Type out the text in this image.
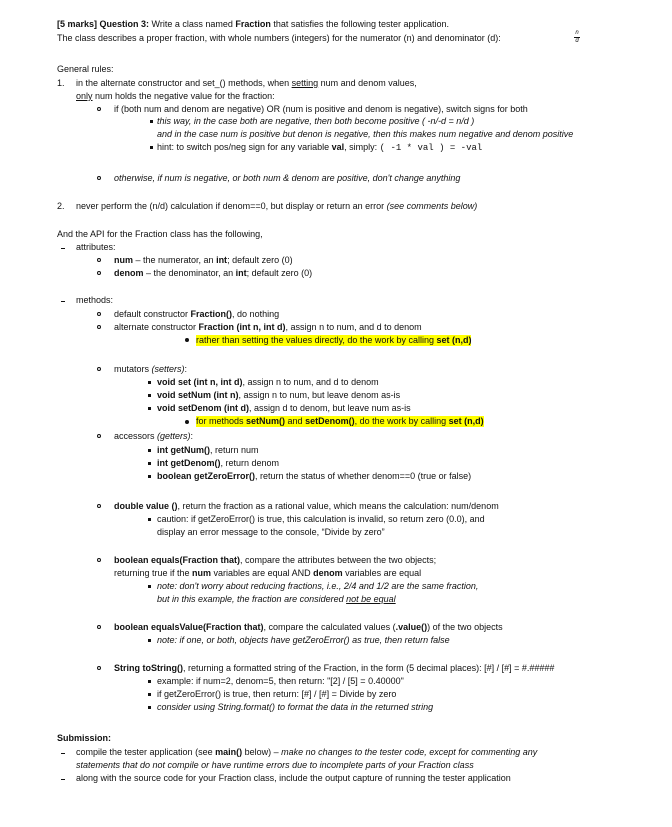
[5 marks] Question 3: Write a class named Fraction that satisfies the following tester application.
The class describes a proper fraction, with whole numbers (integers) for the numerator (n) and denominator (d):	n
d
General rules:
1. in the alternate constructor and set_() methods, when setting num and denom values,
only num holds the negative value for the fraction:
if (both num and denom are negative) OR (num is positive and denom is negative), switch signs for both
this way, in the case both are negative, then both become positive ( -n/-d = n/d )
and in the case num is positive but denon is negative, then this makes num negative and denom positive
hint: to switch pos/neg sign for any variable val, simply: ( -1 * val ) = -val
otherwise, if num is negative, or both num & denom are positive, don't change anything
2. never perform the (n/d) calculation if denom==0, but display or return an error (see comments below)
And the API for the Fraction class has the following,
attributes:
num – the numerator, an int; default zero (0)
denom – the denominator, an int; default zero (0)
methods:
default constructor Fraction(), do nothing
alternate constructor Fraction (int n, int d), assign n to num, and d to denom
rather than setting the values directly, do the work by calling set (n,d)
mutators (setters):
void set (int n, int d), assign n to num, and d to denom
void setNum (int n), assign n to num, but leave denom as-is
void setDenom (int d), assign d to denom, but leave num as-is
for methods setNum() and setDenom(), do the work by calling set (n,d)
accessors (getters):
int getNum(), return num
int getDenom(), return denom
boolean getZeroError(), return the status of whether denom==0 (true or false)
double value (), return the fraction as a rational value, which means the calculation: num/denom
caution: if getZeroError() is true, this calculation is invalid, so return zero (0.0), and
display an error message to the console, “Divide by zero”
boolean equals(Fraction that), compare the attributes between the two objects;
returning true if the num variables are equal AND denom variables are equal
note: don't worry about reducing fractions, i.e., 2/4 and 1/2 are the same fraction,
but in this example, the fraction are considered not be equal
boolean equalsValue(Fraction that), compare the calculated values (.value()) of the two objects
note: if one, or both, objects have getZeroError() as true, then return false
String toString(), returning a formatted string of the Fraction, in the form (5 decimal places): [#] / [#] = #.#####
example: if num=2, denom=5, then return: "[2] / [5] = 0.40000"
if getZeroError() is true, then return: [#] / [#] = Divide by zero
consider using String.format() to format the data in the returned string
Submission:
compile the tester application (see main() below) – make no changes to the tester code, except for commenting any
statements that do not compile or have runtime errors due to incomplete parts of your Fraction class
along with the source code for your Fraction class, include the output capture of running the tester application
